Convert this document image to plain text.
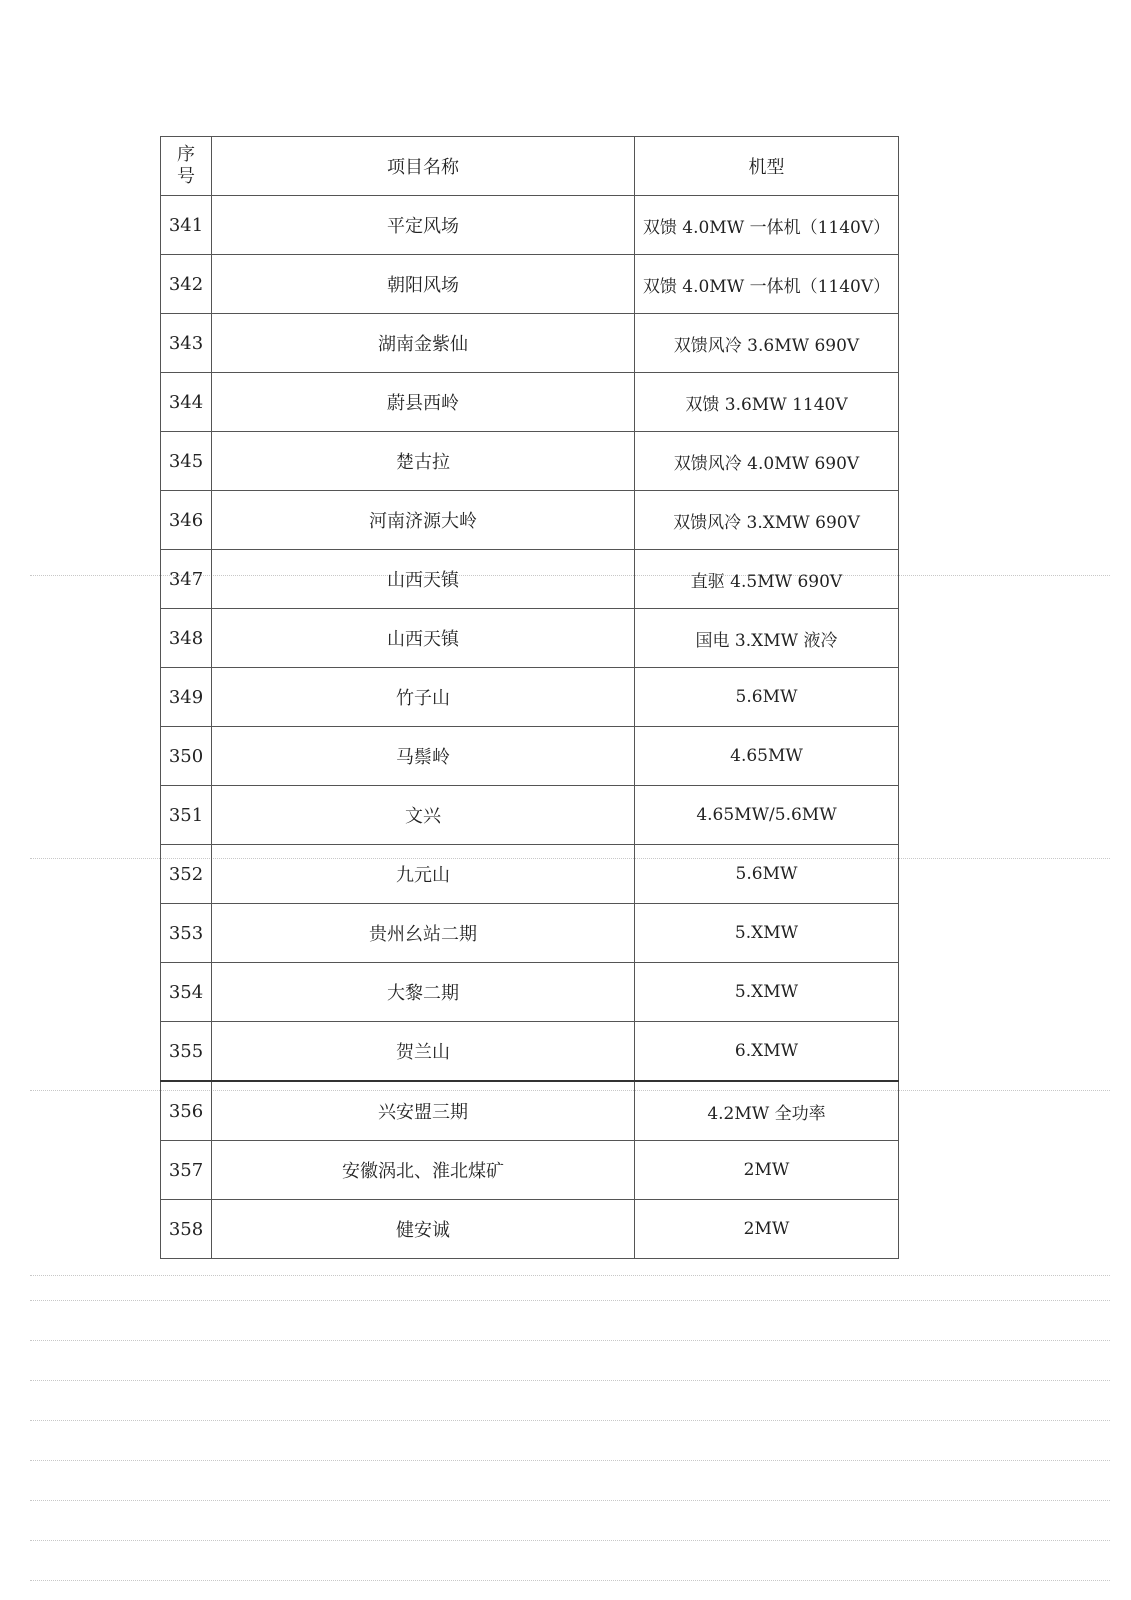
序号	项目名称	机型
341	平定风场	双馈 4.0MW 一体机（1140V）
342	朝阳风场	双馈 4.0MW 一体机（1140V）
343	湖南金紫仙	双馈风冷 3.6MW 690V
344	蔚县西岭	双馈 3.6MW 1140V
345	楚古拉	双馈风冷 4.0MW 690V
346	河南济源大岭	双馈风冷 3.XMW 690V
347	山西天镇	直驱 4.5MW 690V
348	山西天镇	国电 3.XMW 液冷
349	竹子山	5.6MW
350	马鬃岭	4.65MW
351	文兴	4.65MW/5.6MW
352	九元山	5.6MW
353	贵州幺站二期	5.XMW
354	大黎二期	5.XMW
355	贺兰山	6.XMW
356	兴安盟三期	4.2MW 全功率
357	安徽涡北、淮北煤矿	2MW
358	健安诚	2MW
